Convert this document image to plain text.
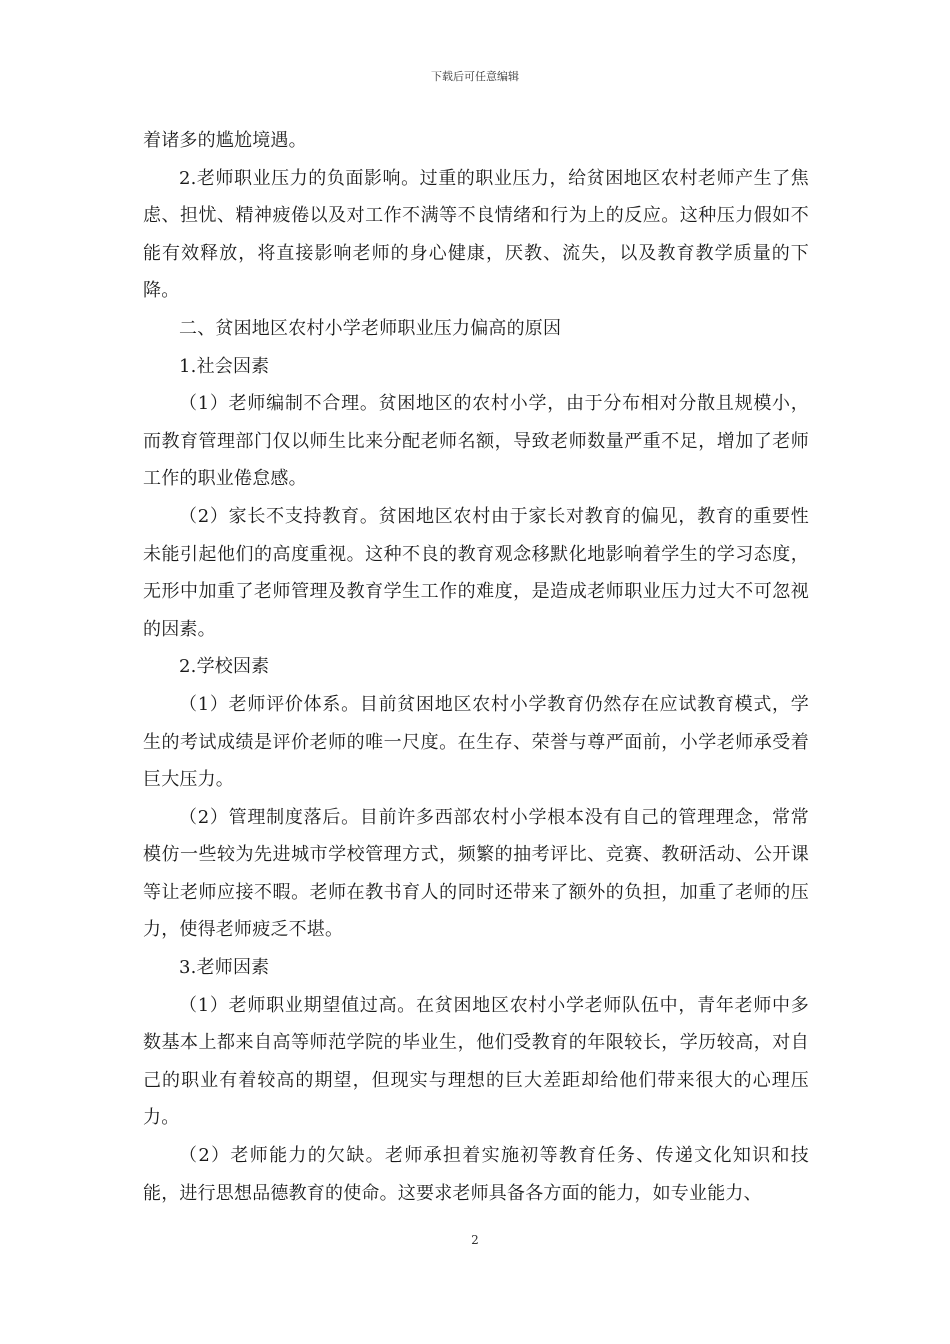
下载后可任意编辑

着诸多的尴尬境遇。

2.老师职业压力的负面影响。过重的职业压力，给贫困地区农村老师产生了焦虑、担忧、精神疲倦以及对工作不满等不良情绪和行为上的反应。这种压力假如不能有效释放，将直接影响老师的身心健康，厌教、流失，以及教育教学质量的下降。

二、贫困地区农村小学老师职业压力偏高的原因

1.社会因素

（1）老师编制不合理。贫困地区的农村小学，由于分布相对分散且规模小，而教育管理部门仅以师生比来分配老师名额，导致老师数量严重不足，增加了老师工作的职业倦怠感。

（2）家长不支持教育。贫困地区农村由于家长对教育的偏见，教育的重要性未能引起他们的高度重视。这种不良的教育观念移默化地影响着学生的学习态度，无形中加重了老师管理及教育学生工作的难度，是造成老师职业压力过大不可忽视的因素。

2.学校因素

（1）老师评价体系。目前贫困地区农村小学教育仍然存在应试教育模式，学生的考试成绩是评价老师的唯一尺度。在生存、荣誉与尊严面前，小学老师承受着巨大压力。

（2）管理制度落后。目前许多西部农村小学根本没有自己的管理理念，常常模仿一些较为先进城市学校管理方式，频繁的抽考评比、竞赛、教研活动、公开课等让老师应接不暇。老师在教书育人的同时还带来了额外的负担，加重了老师的压力，使得老师疲乏不堪。

3.老师因素

（1）老师职业期望值过高。在贫困地区农村小学老师队伍中，青年老师中多数基本上都来自高等师范学院的毕业生，他们受教育的年限较长，学历较高，对自己的职业有着较高的期望，但现实与理想的巨大差距却给他们带来很大的心理压力。

（2）老师能力的欠缺。老师承担着实施初等教育任务、传递文化知识和技能，进行思想品德教育的使命。这要求老师具备各方面的能力，如专业能力、

2
